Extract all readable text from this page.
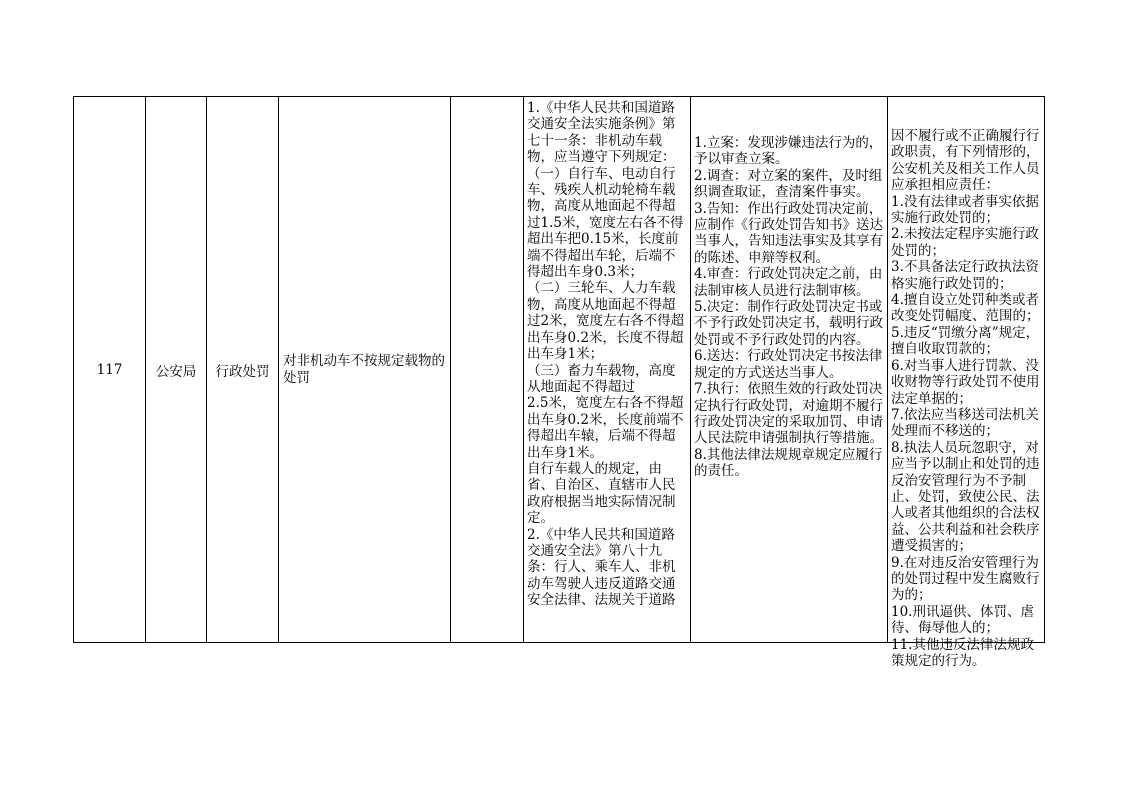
117 公安局 行政处罚
对非机动车不按规定载物的处罚
1.《中华人民共和国道路交通安全法实施条例》第七十一条：非机动车载物，应当遵守下列规定：
（一）自行车、电动自行车、残疾人机动轮椅车载物，高度从地面起不得超过1.5米，宽度左右各不得超出车把0.15米，长度前端不得超出车轮，后端不得超出车身0.3米；
（二）三轮车、人力车载物，高度从地面起不得超过2米，宽度左右各不得超出车身0.2米，长度不得超出车身1米；
（三）畜力车载物，高度从地面起不得超过
2.5米，宽度左右各不得超出车身0.2米，长度前端不得超出车辕，后端不得超出车身1米。
自行车载人的规定，由省、自治区、直辖市人民政府根据当地实际情况制定。
2.《中华人民共和国道路交通安全法》第八十九条：行人、乘车人、非机动车驾驶人违反道路交通安全法律、法规关于道路
1.立案：发现涉嫌违法行为的，予以审查立案。
2.调查：对立案的案件，及时组织调查取证，查清案件事实。
3.告知：作出行政处罚决定前，应制作《行政处罚告知书》送达当事人，告知违法事实及其享有的陈述、申辩等权利。
4.审查：行政处罚决定之前，由法制审核人员进行法制审核。
5.决定：制作行政处罚决定书或不予行政处罚决定书，载明行政处罚或不予行政处罚的内容。
6.送达：行政处罚决定书按法律规定的方式送达当事人。
7.执行：依照生效的行政处罚决定执行行政处罚，对逾期不履行行政处罚决定的采取加罚、申请人民法院申请强制执行等措施。
8.其他法律法规规章规定应履行的责任。
因不履行或不正确履行行政职责，有下列情形的，公安机关及相关工作人员应承担相应责任：
1.没有法律或者事实依据实施行政处罚的；
2.未按法定程序实施行政处罚的；
3.不具备法定行政执法资格实施行政处罚的；
4.擅自设立处罚种类或者改变处罚幅度、范围的；
5.违反“罚缴分离”规定，擅自收取罚款的；
6.对当事人进行罚款、没收财物等行政处罚不使用法定单据的；
7.依法应当移送司法机关处理而不移送的；
8.执法人员玩忽职守，对应当予以制止和处罚的违反治安管理行为不予制止、处罚，致使公民、法人或者其他组织的合法权益、公共利益和社会秩序遭受损害的；
9.在对违反治安管理行为的处罚过程中发生腐败行为的；
10.刑讯逼供、体罚、虐待、侮辱他人的；
11.其他违反法律法规政策规定的行为。
